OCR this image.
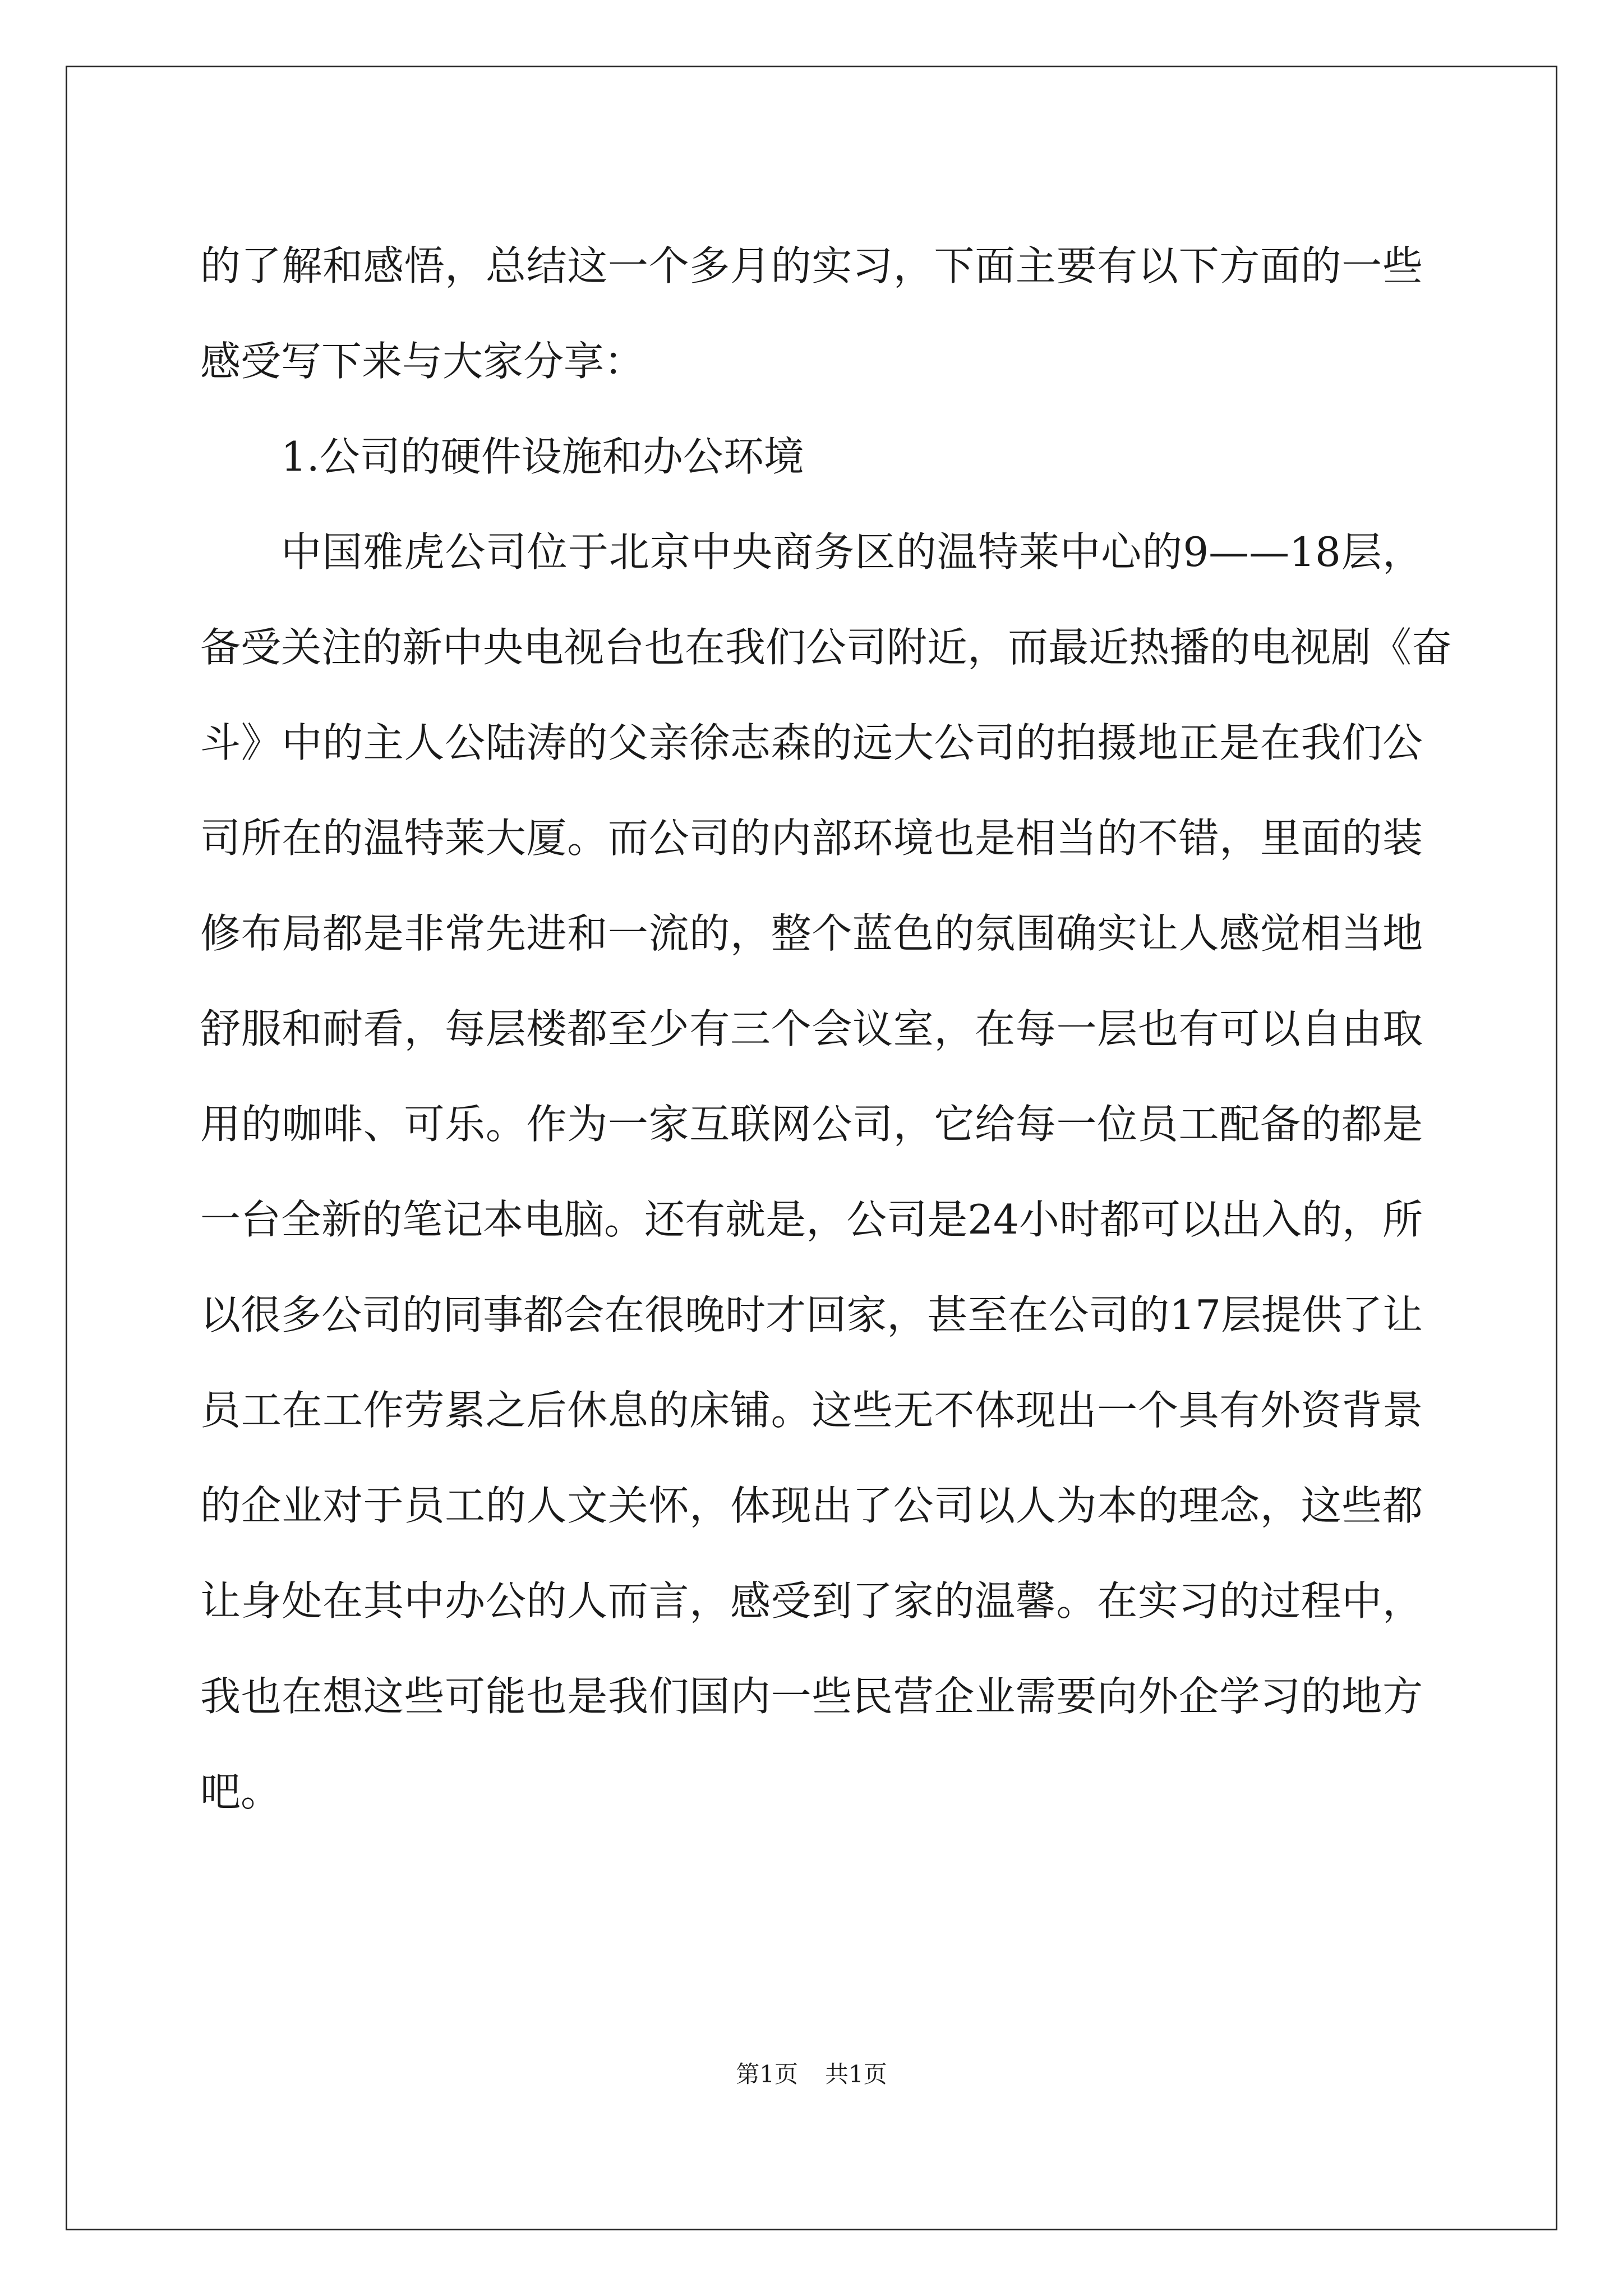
的了解和感悟，总结这一个多月的实习，下面主要有以下方面的一些
感受写下来与大家分享：
1.公司的硬件设施和办公环境
中国雅虎公司位于北京中央商务区的温特莱中心的9——18层，
备受关注的新中央电视台也在我们公司附近，而最近热播的电视剧《奋
斗》中的主人公陆涛的父亲徐志森的远大公司的拍摄地正是在我们公
司所在的温特莱大厦。而公司的内部环境也是相当的不错，里面的装
修布局都是非常先进和一流的，整个蓝色的氛围确实让人感觉相当地
舒服和耐看，每层楼都至少有三个会议室，在每一层也有可以自由取
用的咖啡、可乐。作为一家互联网公司，它给每一位员工配备的都是
一台全新的笔记本电脑。还有就是，公司是24小时都可以出入的，所
以很多公司的同事都会在很晚时才回家，甚至在公司的17层提供了让
员工在工作劳累之后休息的床铺。这些无不体现出一个具有外资背景
的企业对于员工的人文关怀，体现出了公司以人为本的理念，这些都
让身处在其中办公的人而言，感受到了家的温馨。在实习的过程中，
我也在想这些可能也是我们国内一些民营企业需要向外企学习的地方
吧。
第1页 共1页
